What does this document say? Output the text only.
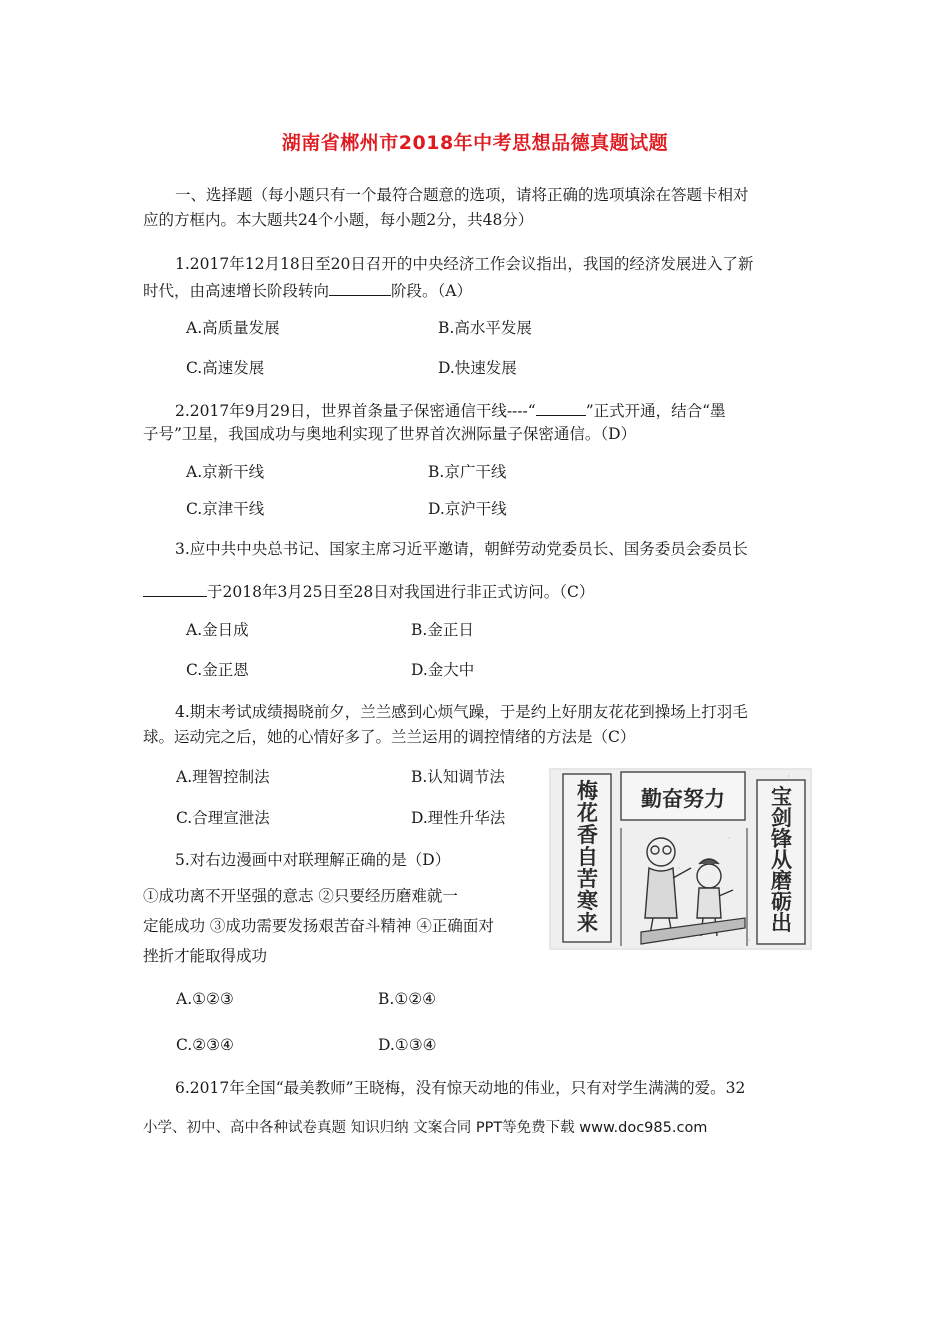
湖南省郴州市2018年中考思想品德真题试题
一、选择题（每小题只有一个最符合题意的选项，请将正确的选项填涂在答题卡相对
应的方框内。本大题共24个小题，每小题2分，共48分）
1.2017年12月18日至20日召开的中央经济工作会议指出，我国的经济发展进入了新
时代，由高速增长阶段转向	阶段。（A）
A.高质量发展	B.高水平发展
C.高速发展	D.快速发展
2.2017年9月29日，世界首条量子保密通信干线----“	”正式开通，结合“墨
子号”卫星，我国成功与奥地利实现了世界首次洲际量子保密通信。（D）
A.京新干线	B.京广干线
C.京津干线	D.京沪干线
3.应中共中央总书记、国家主席习近平邀请，朝鲜劳动党委员长、国务委员会委员长
于2018年3月25日至28日对我国进行非正式访问。（C）
A.金日成	B.金正日
C.金正恩	D.金大中
4.期末考试成绩揭晓前夕，兰兰感到心烦气躁，于是约上好朋友花花到操场上打羽毛
球。运动完之后，她的心情好多了。兰兰运用的调控情绪的方法是（C）
A.理智控制法	B.认知调节法
C.合理宣泄法	D.理性升华法
5.对右边漫画中对联理解正确的是（D）
①成功离不开坚强的意志 ②只要经历磨难就一
定能成功 ③成功需要发扬艰苦奋斗精神 ④正确面对
挫折才能取得成功
A.①②③	B.①②④
C.②③④	D.①③④
6.2017年全国“最美教师”王晓梅，没有惊天动地的伟业，只有对学生满满的爱。32
梅花香自苦寒来
宝剑锋从磨砺出
勤奋努力
小学、初中、高中各种试卷真题 知识归纳 文案合同 PPT等免费下载 www.doc985.com
